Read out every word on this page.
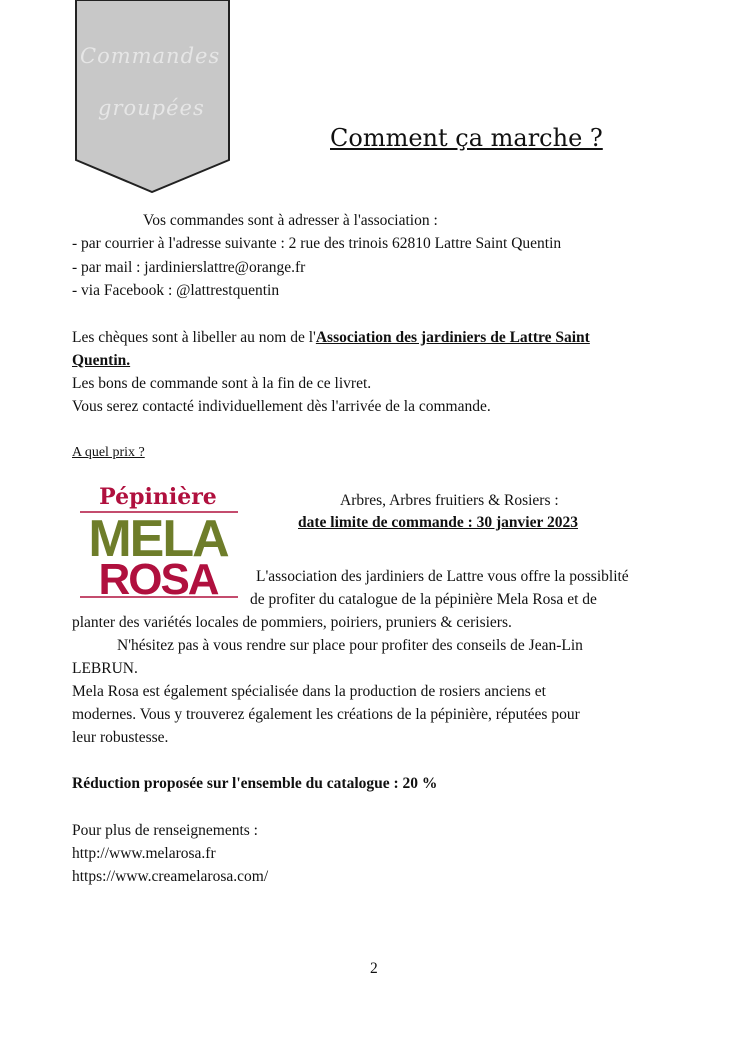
Commandes
groupées
Comment ça marche ?
Vos commandes sont à adresser à l'association :
- par courrier à l'adresse suivante : 2 rue des trinois 62810 Lattre Saint Quentin
- par mail : jardinierslattre@orange.fr
- via Facebook : @lattrestquentin
Les chèques sont à libeller au nom de l'Association des jardiniers de Lattre Saint
Quentin.
Les bons de commande sont à la fin de ce livret.
Vous serez contacté individuellement dès l'arrivée de la commande.
A quel prix ?
Pépinière
MELA
ROSA
Arbres, Arbres fruitiers & Rosiers :
date limite de commande : 30 janvier 2023
L'association des jardiniers de Lattre vous offre la possiblité
de profiter du catalogue de la pépinière Mela Rosa et de
planter des variétés locales de pommiers, poiriers, pruniers & cerisiers.
N'hésitez pas à vous rendre sur place pour profiter des conseils de Jean-Lin
LEBRUN.
Mela Rosa est également spécialisée dans la production de rosiers anciens et
modernes. Vous y trouverez également les créations de la pépinière, réputées pour
leur robustesse.
Réduction proposée sur l'ensemble du catalogue : 20 %
Pour plus de renseignements :
http://www.melarosa.fr
https://www.creamelarosa.com/
2
